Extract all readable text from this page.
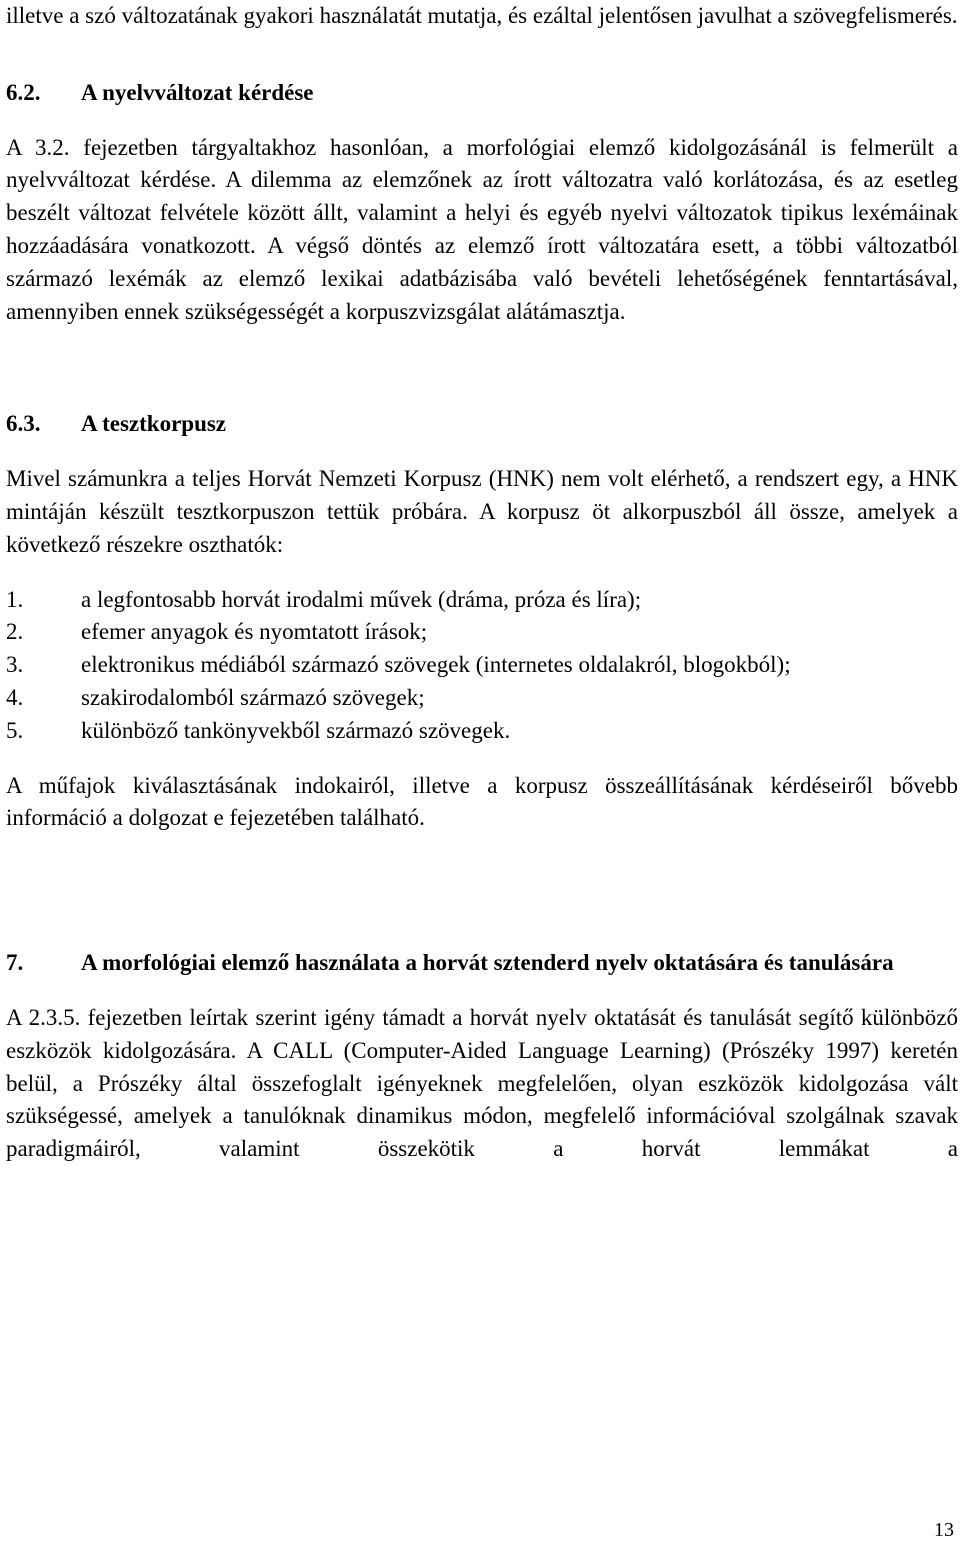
illetve a szó változatának gyakori használatát mutatja, és ezáltal jelentősen javulhat a szövegfelismerés.

6.2.	A nyelvváltozat kérdése

A 3.2. fejezetben tárgyaltakhoz hasonlóan, a morfológiai elemző kidolgozásánál is felmerült a nyelvváltozat kérdése. A dilemma az elemzőnek az írott változatra való korlátozása, és az esetleg beszélt változat felvétele között állt, valamint a helyi és egyéb nyelvi változatok tipikus lexémáinak hozzáadására vonatkozott. A végső döntés az elemző írott változatára esett, a többi változatból származó lexémák az elemző lexikai adatbázisába való bevételi lehetőségének fenntartásával, amennyiben ennek szükségességét a korpuszvizsgálat alátámasztja.

6.3.	A tesztkorpusz

Mivel számunkra a teljes Horvát Nemzeti Korpusz (HNK) nem volt elérhető, a rendszert egy, a HNK mintáján készült tesztkorpuszon tettük próbára. A korpusz öt alkorpuszból áll össze, amelyek a következő részekre oszthatók:

1.	a legfontosabb horvát irodalmi művek (dráma, próza és líra);
2.	efemer anyagok és nyomtatott írások;
3.	elektronikus médiából származó szövegek (internetes oldalakról, blogokból);
4.	szakirodalomból származó szövegek;
5.	különböző tankönyvekből származó szövegek.

A műfajok kiválasztásának indokairól, illetve a korpusz összeállításának kérdéseiről bővebb információ a dolgozat e fejezetében található.

7.	A morfológiai elemző használata a horvát sztenderd nyelv oktatására és tanulására

A 2.3.5. fejezetben leírtak szerint igény támadt a horvát nyelv oktatását és tanulását segítő különböző eszközök kidolgozására. A CALL (Computer-Aided Language Learning) (Prószéky 1997) keretén belül, a Prószéky által összefoglalt igényeknek megfelelően, olyan eszközök kidolgozása vált szükségessé, amelyek a tanulóknak dinamikus módon, megfelelő információval szolgálnak szavak paradigmáiról, valamint összekötik a horvát lemmákat a

13
